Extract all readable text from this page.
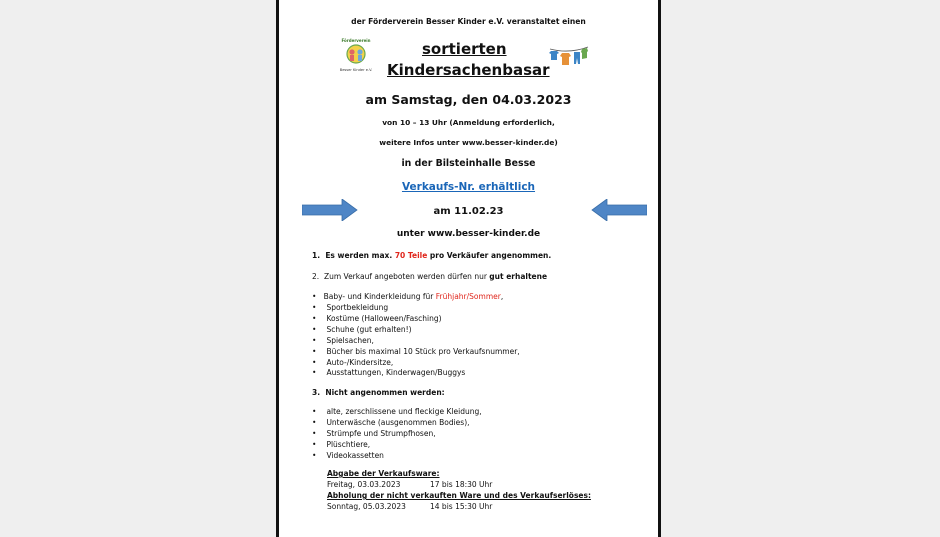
der Förderverein Besser Kinder e.V. veranstaltet einen
Förderverein
Besser Kinder e.V.
sortierten
Kindersachenbasar
am Samstag, den 04.03.2023
von 10 – 13 Uhr (Anmeldung erforderlich,
weitere Infos unter www.besser-kinder.de)
in der Bilsteinhalle Besse
Verkaufs-Nr. erhältlich
am 11.02.23
unter www.besser-kinder.de
1. Es werden max. 70 Teile pro Verkäufer angenommen.
2. Zum Verkauf angeboten werden dürfen nur gut erhaltene
• Baby- und Kinderkleidung für Frühjahr/Sommer,
• Sportbekleidung
• Kostüme (Halloween/Fasching)
• Schuhe (gut erhalten!)
• Spielsachen,
• Bücher bis maximal 10 Stück pro Verkaufsnummer,
• Auto-/Kindersitze,
• Ausstattungen, Kinderwagen/Buggys
3. Nicht angenommen werden:
• alte, zerschlissene und fleckige Kleidung,
• Unterwäsche (ausgenommen Bodies),
• Strümpfe und Strumpfhosen,
• Plüschtiere,
• Videokassetten
Abgabe der Verkaufsware:
Freitag, 03.03.2023	17 bis 18:30 Uhr
Abholung der nicht verkauften Ware und des Verkaufserlöses:
Sonntag, 05.03.2023	14 bis 15:30 Uhr
